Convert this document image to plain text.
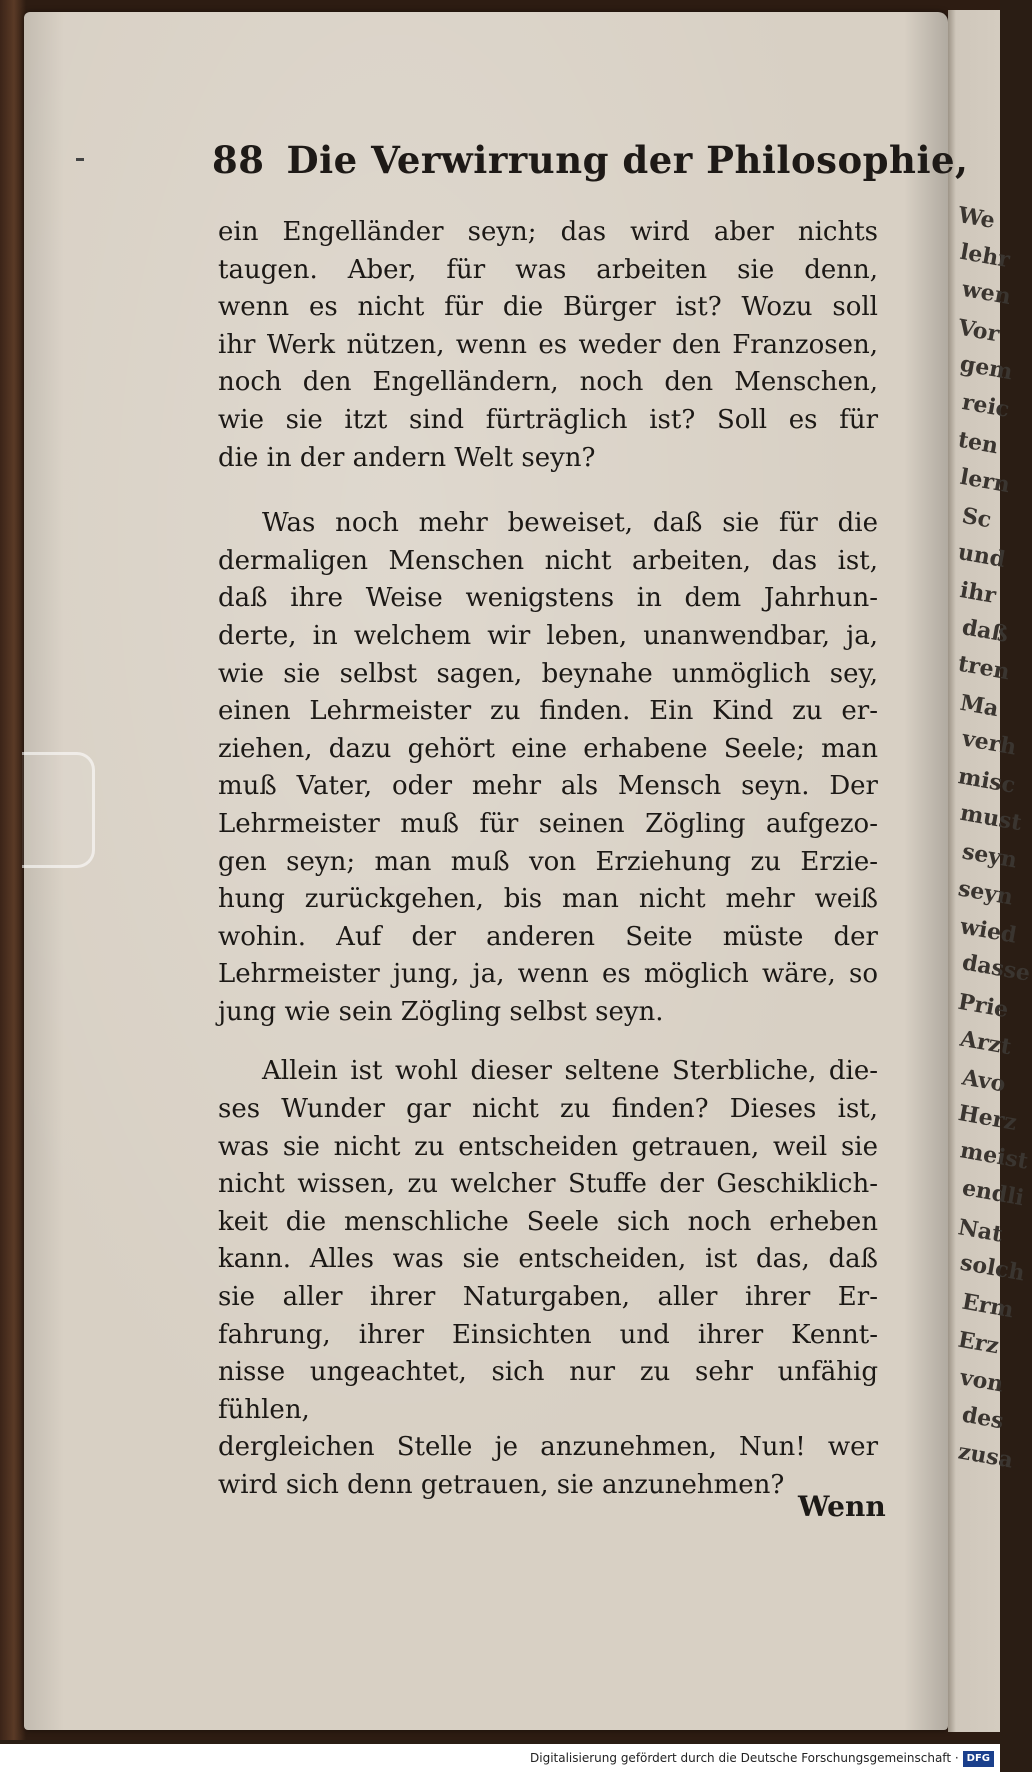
We
lehr
wen
Vor
gem
reic
ten
lern
Sc
und
ihr
daß
tren
Ma
verh
misc
must
seyn
seyn
wied
dasse
Prie
Arzt
Avo
Herz
meist
endli
Nat
solch
Erm
Erz
von
des
zusa
88 Die Verwirrung der Philosophie,
ein Engelländer seyn; das wird aber nichts
taugen. Aber, für was arbeiten sie denn,
wenn es nicht für die Bürger ist? Wozu soll
ihr Werk nützen, wenn es weder den Franzosen,
noch den Engelländern, noch den Menschen,
wie sie itzt sind fürträglich ist? Soll es für
die in der andern Welt seyn?
Was noch mehr beweiset, daß sie für die
dermaligen Menschen nicht arbeiten, das ist,
daß ihre Weise wenigstens in dem Jahrhun-
derte, in welchem wir leben, unanwendbar, ja,
wie sie selbst sagen, beynahe unmöglich sey,
einen Lehrmeister zu finden. Ein Kind zu er-
ziehen, dazu gehört eine erhabene Seele; man
muß Vater, oder mehr als Mensch seyn. Der
Lehrmeister muß für seinen Zögling aufgezo-
gen seyn; man muß von Erziehung zu Erzie-
hung zurückgehen, bis man nicht mehr weiß
wohin. Auf der anderen Seite müste der
Lehrmeister jung, ja, wenn es möglich wäre, so
jung wie sein Zögling selbst seyn.
Allein ist wohl dieser seltene Sterbliche, die-
ses Wunder gar nicht zu finden? Dieses ist,
was sie nicht zu entscheiden getrauen, weil sie
nicht wissen, zu welcher Stuffe der Geschiklich-
keit die menschliche Seele sich noch erheben
kann. Alles was sie entscheiden, ist das, daß
sie aller ihrer Naturgaben, aller ihrer Er-
fahrung, ihrer Einsichten und ihrer Kennt-
nisse ungeachtet, sich nur zu sehr unfähig fühlen,
dergleichen Stelle je anzunehmen, Nun! wer
wird sich denn getrauen, sie anzunehmen?
Wenn
Digitalisierung gefördert durch die Deutsche Forschungsgemeinschaft · DFG
